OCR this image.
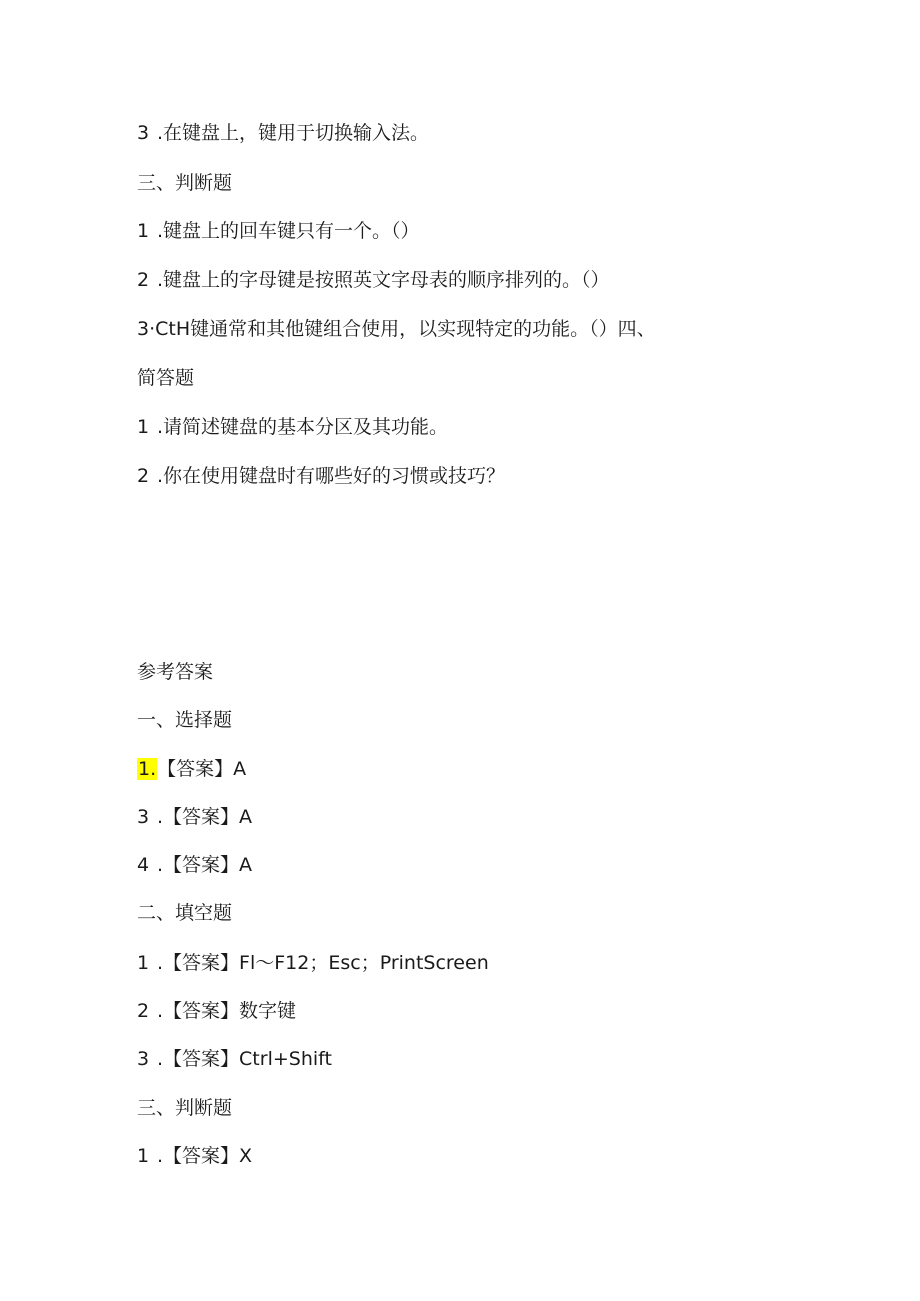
3 .在键盘上，键用于切换输入法。
三、判断题
1 .键盘上的回车键只有一个。（）
2 .键盘上的字母键是按照英文字母表的顺序排列的。（）
3·CtH键通常和其他键组合使用，以实现特定的功能。（）四、
简答题
1 .请简述键盘的基本分区及其功能。
2 .你在使用键盘时有哪些好的习惯或技巧？
参考答案
一、选择题
1.【答案】A
3 .【答案】A
4 .【答案】A
二、填空题
1 .【答案】Fl～F12；Esc；PrintScreen
2 .【答案】数字键
3 .【答案】Ctrl+Shift
三、判断题
1 .【答案】X
